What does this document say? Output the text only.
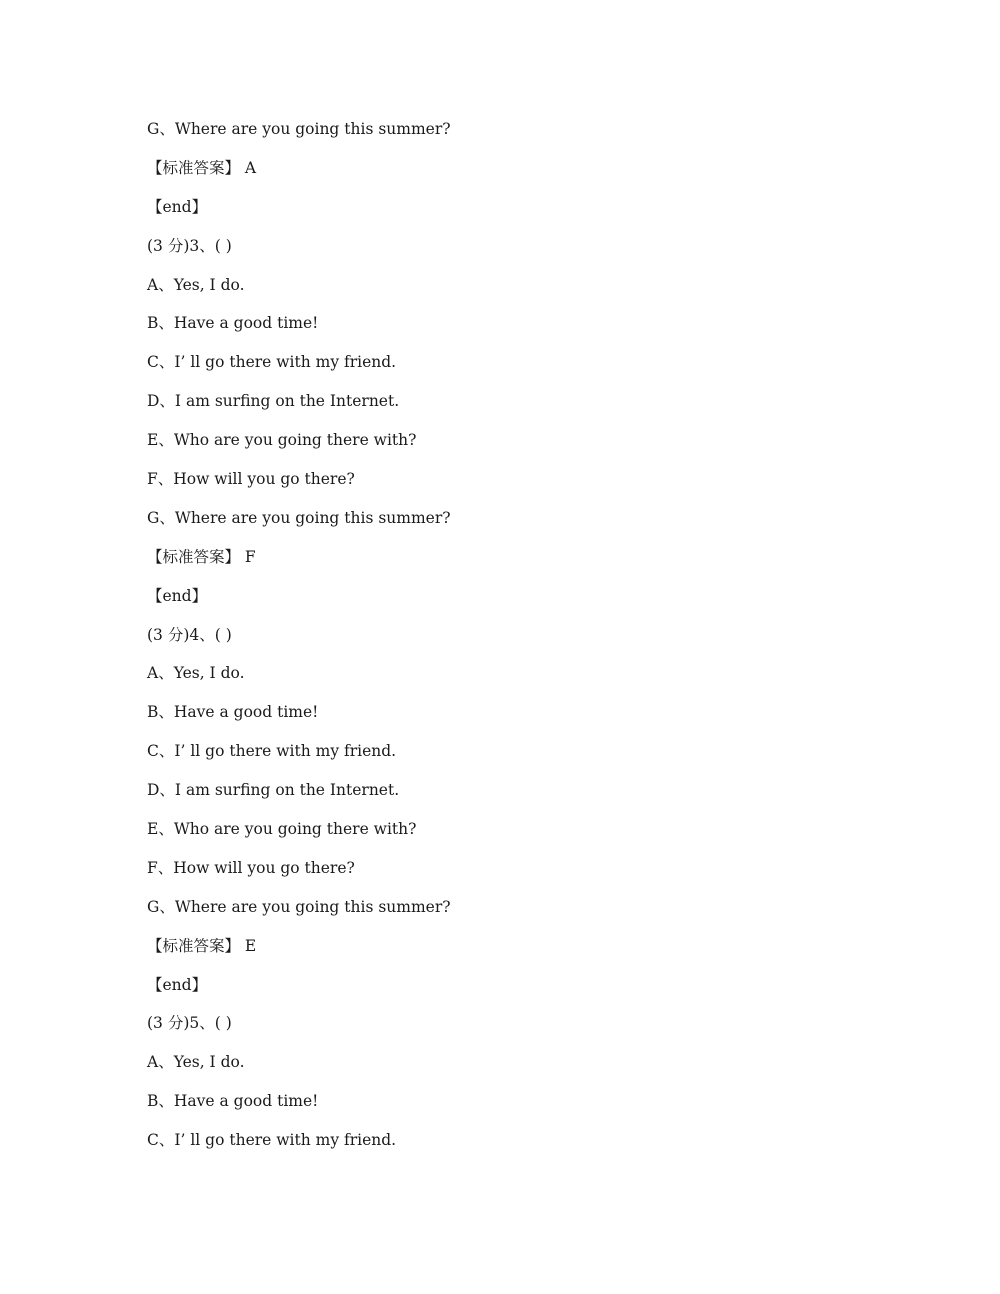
G、Where are you going this summer?
【标准答案】 A
【end】
(3 分)3、( )
A、Yes, I do.
B、Have a good time!
C、I’ ll go there with my friend.
D、I am surfing on the Internet.
E、Who are you going there with?
F、How will you go there?
G、Where are you going this summer?
【标准答案】 F
【end】
(3 分)4、( )
A、Yes, I do.
B、Have a good time!
C、I’ ll go there with my friend.
D、I am surfing on the Internet.
E、Who are you going there with?
F、How will you go there?
G、Where are you going this summer?
【标准答案】 E
【end】
(3 分)5、( )
A、Yes, I do.
B、Have a good time!
C、I’ ll go there with my friend.
